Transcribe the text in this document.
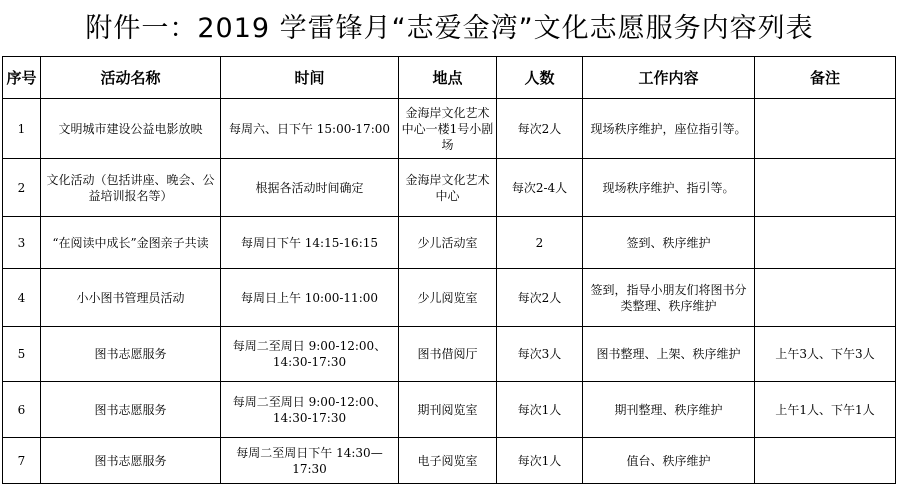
附件一：2019 学雷锋月“志爱金湾”文化志愿服务内容列表
序号	活动名称	时间	地点	人数	工作内容	备注
1	文明城市建设公益电影放映	每周六、日下午 15:00-17:00	金海岸文化艺术中心一楼1号小剧场	每次2人	现场秩序维护，座位指引等。	
2	文化活动（包括讲座、晚会、公益培训报名等）	根据各活动时间确定	金海岸文化艺术中心	每次2-4人	现场秩序维护、指引等。	
3	“在阅读中成长”金图亲子共读	每周日下午 14:15-16:15	少儿活动室	2	签到、秩序维护	
4	小小图书管理员活动	每周日上午 10:00-11:00	少儿阅览室	每次2人	签到，指导小朋友们将图书分类整理、秩序维护	
5	图书志愿服务	每周二至周日 9:00-12:00、14:30-17:30	图书借阅厅	每次3人	图书整理、上架、秩序维护	上午3人、下午3人
6	图书志愿服务	每周二至周日 9:00-12:00、14:30-17:30	期刊阅览室	每次1人	期刊整理、秩序维护	上午1人、下午1人
7	图书志愿服务	每周二至周日下午 14:30—17:30	电子阅览室	每次1人	值台、秩序维护	
